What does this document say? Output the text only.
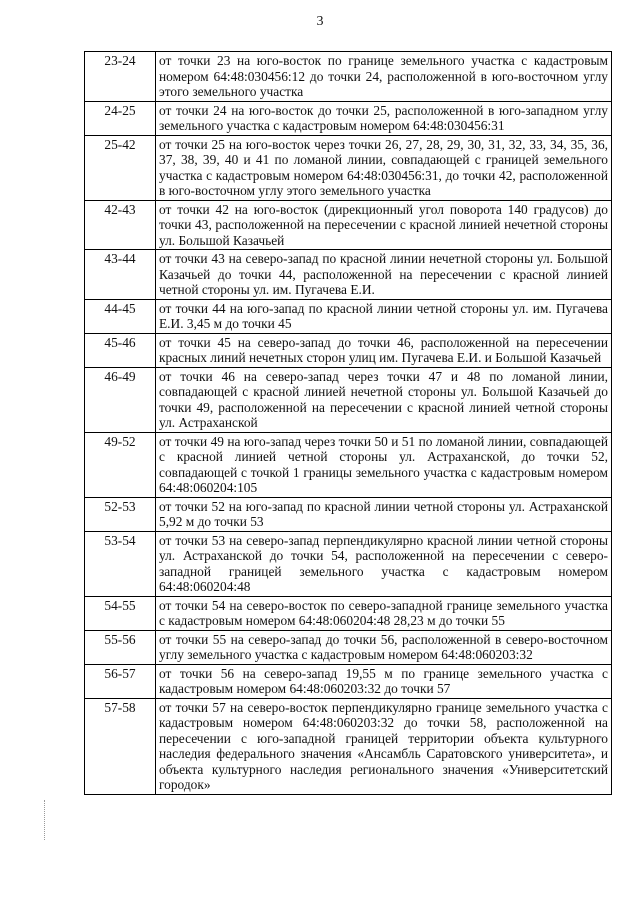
3
23-24	от точки 23 на юго-восток по границе земельного участка с кадастровым номером 64:48:030456:12 до точки 24, расположенной в юго-восточном углу этого земельного участка
24-25	от точки 24 на юго-восток до точки 25, расположенной в юго-западном углу земельного участка с кадастровым номером 64:48:030456:31
25-42	от точки 25 на юго-восток через точки 26, 27, 28, 29, 30, 31, 32, 33, 34, 35, 36, 37, 38, 39, 40 и 41 по ломаной линии, совпадающей с границей земельного участка с кадастровым номером 64:48:030456:31, до точки 42, расположенной в юго-восточном углу этого земельного участка
42-43	от точки 42 на юго-восток (дирекционный угол поворота 140 градусов) до точки 43, расположенной на пересечении с красной линией нечетной стороны ул. Большой Казачьей
43-44	от точки 43 на северо-запад по красной линии нечетной стороны ул. Большой Казачьей до точки 44, расположенной на пересечении с красной линией четной стороны ул. им. Пугачева Е.И.
44-45	от точки 44 на юго-запад по красной линии четной стороны ул. им. Пугачева Е.И. 3,45 м до точки 45
45-46	от точки 45 на северо-запад до точки 46, расположенной на пересечении красных линий нечетных сторон улиц им. Пугачева Е.И. и Большой Казачьей
46-49	от точки 46 на северо-запад через точки 47 и 48 по ломаной линии, совпадающей с красной линией нечетной стороны ул. Большой Казачьей до точки 49, расположенной на пересечении с красной линией четной стороны ул. Астраханской
49-52	от точки 49 на юго-запад через точки 50 и 51 по ломаной линии, совпадающей с красной линией четной стороны ул. Астраханской, до точки 52, совпадающей с точкой 1 границы земельного участка с кадастровым номером 64:48:060204:105
52-53	от точки 52 на юго-запад по красной линии четной стороны ул. Астраханской 5,92 м до точки 53
53-54	от точки 53 на северо-запад перпендикулярно красной линии четной стороны ул. Астраханской до точки 54, расположенной на пересечении с северо-западной границей земельного участка с кадастровым номером 64:48:060204:48
54-55	от точки 54 на северо-восток по северо-западной границе земельного участка с кадастровым номером 64:48:060204:48 28,23 м до точки 55
55-56	от точки 55 на северо-запад до точки 56, расположенной в северо-восточном углу земельного участка с кадастровым номером 64:48:060203:32
56-57	от точки 56 на северо-запад 19,55 м по границе земельного участка с кадастровым номером 64:48:060203:32 до точки 57
57-58	от точки 57 на северо-восток перпендикулярно границе земельного участка с кадастровым номером 64:48:060203:32 до точки 58, расположенной на пересечении с юго-западной границей территории объекта культурного наследия федерального значения «Ансамбль Саратовского университета», и объекта культурного наследия регионального значения «Университетский городок»
